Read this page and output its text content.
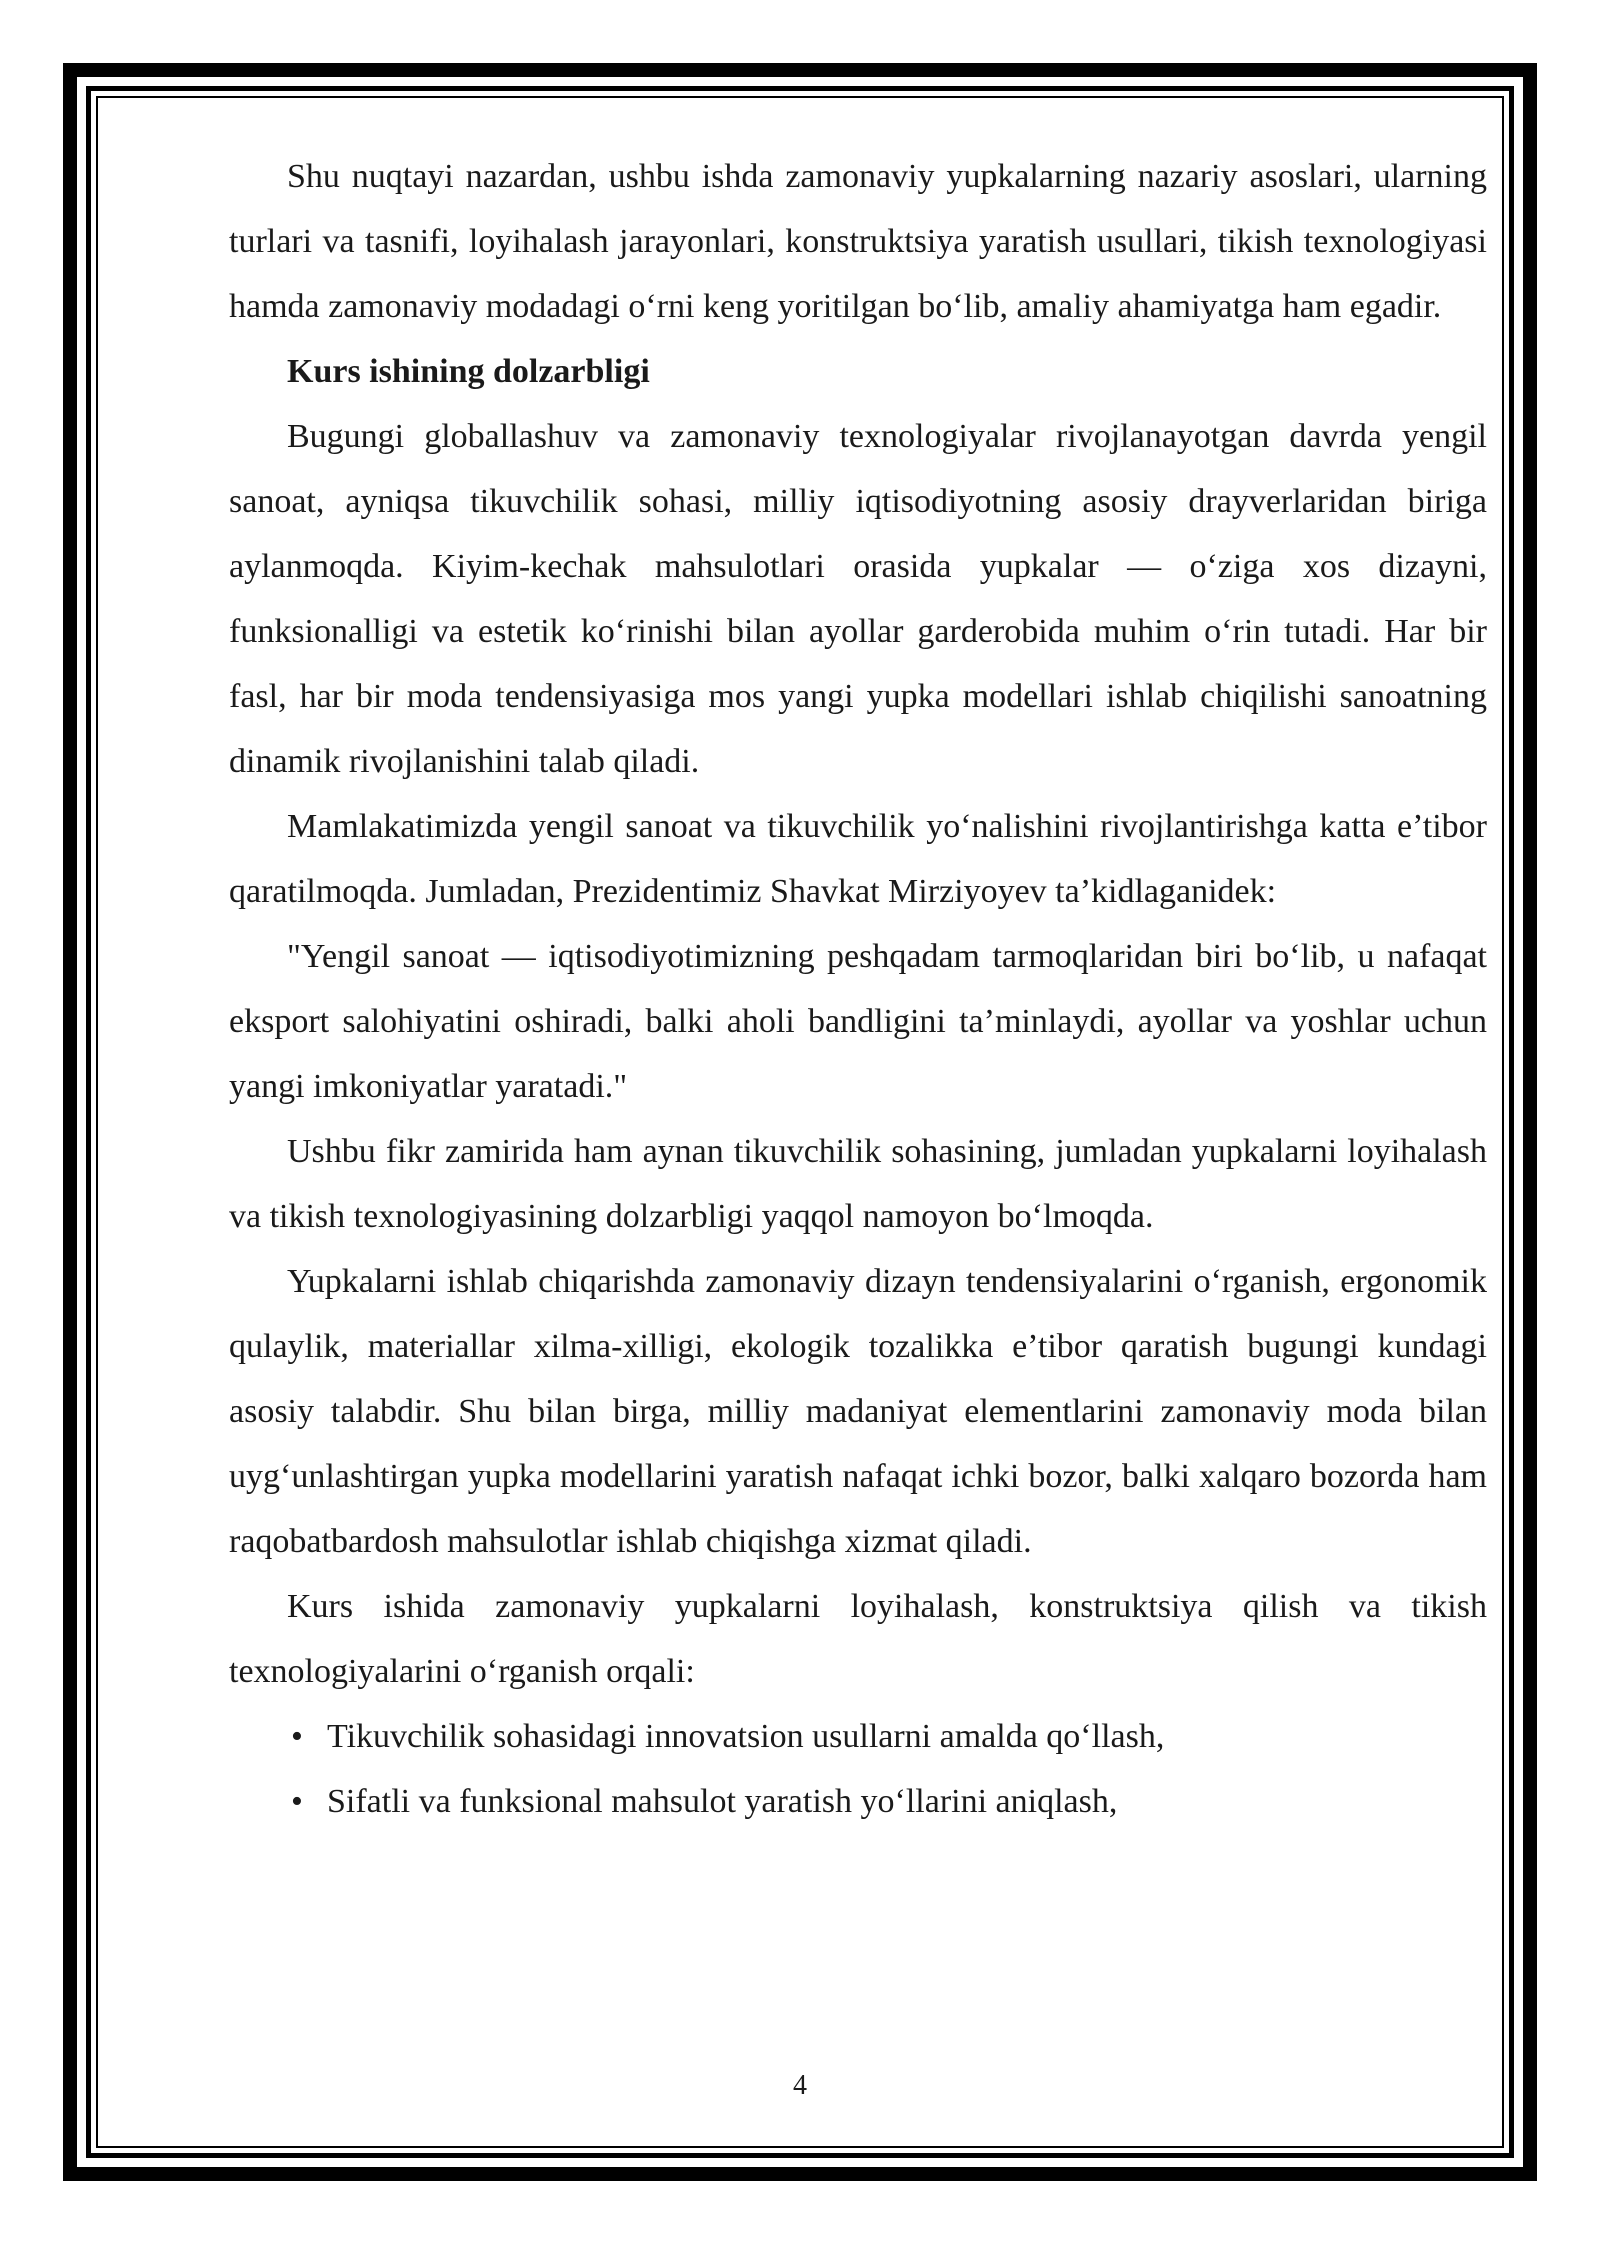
Shu nuqtayi nazardan, ushbu ishda zamonaviy yupkalarning nazariy asoslari, ularning turlari va tasnifi, loyihalash jarayonlari, konstruktsiya yaratish usullari, tikish texnologiyasi hamda zamonaviy modadagi o‘rni keng yoritilgan bo‘lib, amaliy ahamiyatga ham egadir.

Kurs ishining dolzarbligi

Bugungi globallashuv va zamonaviy texnologiyalar rivojlanayotgan davrda yengil sanoat, ayniqsa tikuvchilik sohasi, milliy iqtisodiyotning asosiy drayverlaridan biriga aylanmoqda. Kiyim-kechak mahsulotlari orasida yupkalar — o‘ziga xos dizayni, funksionalligi va estetik ko‘rinishi bilan ayollar garderobida muhim o‘rin tutadi. Har bir fasl, har bir moda tendensiyasiga mos yangi yupka modellari ishlab chiqilishi sanoatning dinamik rivojlanishini talab qiladi.

Mamlakatimizda yengil sanoat va tikuvchilik yo‘nalishini rivojlantirishga katta e’tibor qaratilmoqda. Jumladan, Prezidentimiz Shavkat Mirziyoyev ta’kidlaganidek:

"Yengil sanoat — iqtisodiyotimizning peshqadam tarmoqlaridan biri bo‘lib, u nafaqat eksport salohiyatini oshiradi, balki aholi bandligini ta’minlaydi, ayollar va yoshlar uchun yangi imkoniyatlar yaratadi."

Ushbu fikr zamirida ham aynan tikuvchilik sohasining, jumladan yupkalarni loyihalash va tikish texnologiyasining dolzarbligi yaqqol namoyon bo‘lmoqda.

Yupkalarni ishlab chiqarishda zamonaviy dizayn tendensiyalarini o‘rganish, ergonomik qulaylik, materiallar xilma-xilligi, ekologik tozalikka e’tibor qaratish bugungi kundagi asosiy talabdir. Shu bilan birga, milliy madaniyat elementlarini zamonaviy moda bilan uyg‘unlashtirgan yupka modellarini yaratish nafaqat ichki bozor, balki xalqaro bozorda ham raqobatbardosh mahsulotlar ishlab chiqishga xizmat qiladi.

Kurs ishida zamonaviy yupkalarni loyihalash, konstruktsiya qilish va tikish texnologiyalarini o‘rganish orqali:

• Tikuvchilik sohasidagi innovatsion usullarni amalda qo‘llash,
• Sifatli va funksional mahsulot yaratish yo‘llarini aniqlash,
4
